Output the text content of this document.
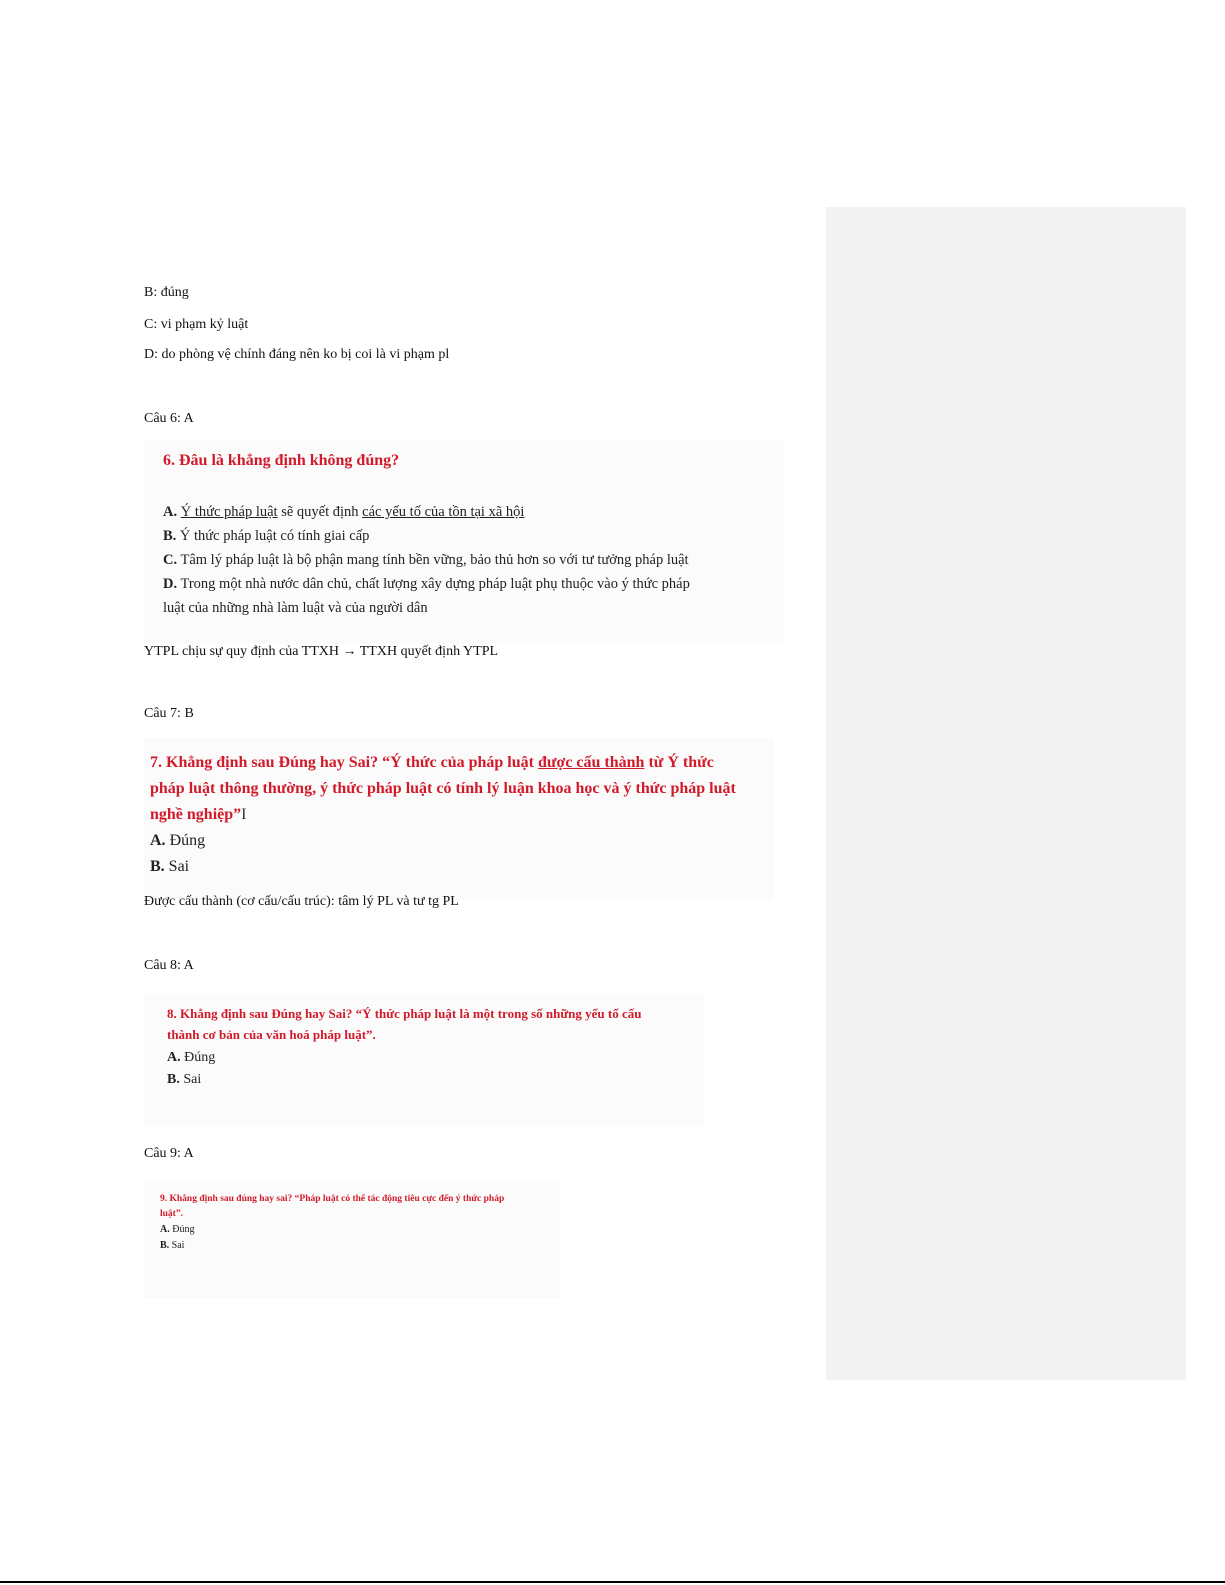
B: đúng
C: vi phạm kỷ luật
D: do phòng vệ chính đáng nên ko bị coi là vi phạm pl
Câu 6: A
6. Đâu là khẳng định không đúng?
A. Ý thức pháp luật sẽ quyết định các yếu tố của tồn tại xã hội
B. Ý thức pháp luật có tính giai cấp
C. Tâm lý pháp luật là bộ phận mang tính bền vững, bảo thủ hơn so với tư tưởng pháp luật
D. Trong một nhà nước dân chủ, chất lượng xây dựng pháp luật phụ thuộc vào ý thức pháp
luật của những nhà làm luật và của người dân
YTPL chịu sự quy định của TTXH → TTXH quyết định YTPL
Câu 7: B
7. Khẳng định sau Đúng hay Sai? “Ý thức của pháp luật được cấu thành từ Ý thức
pháp luật thông thường, ý thức pháp luật có tính lý luận khoa học và ý thức pháp luật
nghề nghiệp”I
A. Đúng
B. Sai
Được cấu thành (cơ cấu/cấu trúc): tâm lý PL và tư tg PL
Câu 8: A
8. Khẳng định sau Đúng hay Sai? “Ý thức pháp luật là một trong số những yếu tố cấu
thành cơ bản của văn hoá pháp luật”.
A. Đúng
B. Sai
Câu 9: A
9. Khẳng định sau đúng hay sai? “Pháp luật có thể tác động tiêu cực đến ý thức pháp
luật”.
A. Đúng
B. Sai
